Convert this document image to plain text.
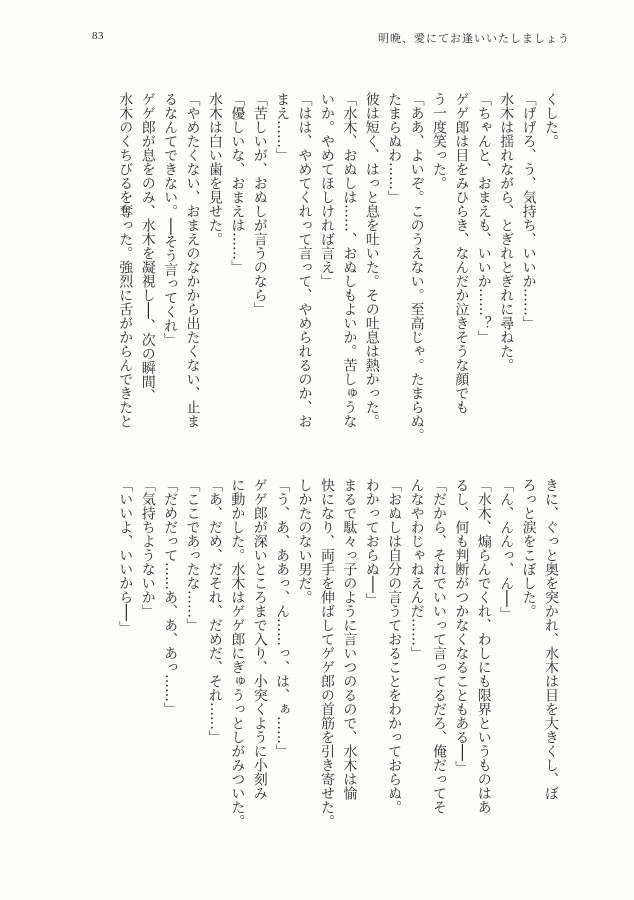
83	明晩、愛にてお逢いいたしましょう
くした。
「げげろ、う、気持ち、いいか……」
水木は揺れながら、とぎれとぎれに尋ねた。
「ちゃんと、おまえも、いいか……？」
ゲゲ郎は目をみひらき、なんだか泣きそうな顔でも
う一度笑った。
「ああ、よいぞ。このうえない。至高じゃ。たまらぬ。
たまらぬわ……」
彼は短く、はっと息を吐いた。その吐息は熱かった。
「水木、おぬしは……、おぬしもよいか。苦しゅうな
いか。やめてほしければ言え」
「はは、やめてくれって言って、やめられるのか、お
まえ……」
「苦しいが、おぬしが言うのなら」
「優しいな、おまえは……」
水木は白い歯を見せた。
「やめたくない、おまえのなかから出たくない、止ま
るなんてできない。──そう言ってくれ」
ゲゲ郎が息をのみ、水木を凝視し──、次の瞬間、
水木のくちびるを奪った。強烈に舌がからんできたと
きに、ぐっと奥を突かれ、水木は目を大きくし、ぼ
ろっと涙をこぼした。
「ん、んんっ、ん──」
「水木、煽らんでくれ、わしにも限界というものはあ
るし、何も判断がつかなくなることもある──」
「だから、それでいいって言ってるだろ、俺だってそ
んなやわじゃねえんだ……」
「おぬしは自分の言うておることをわかっておらぬ。
わかっておらぬ──」
まるで駄々っ子のように言いつのるので、水木は愉
快になり、両手を伸ばしてゲゲ郎の首筋を引き寄せた。
しかたのない男だ。
「う、あ、ああっ、ん……っ、は、ぁ……」
ゲゲ郎が深いところまで入り、小突くように小刻み
に動かした。水木はゲゲ郎にぎゅうっとしがみついた。
「あ、だめ、だそれ、だめだ、それ……」
「ここであったな……」
「だめだって……あ、あ、あっ……」
「気持ちようないか」
「いいよ、いいから──」
